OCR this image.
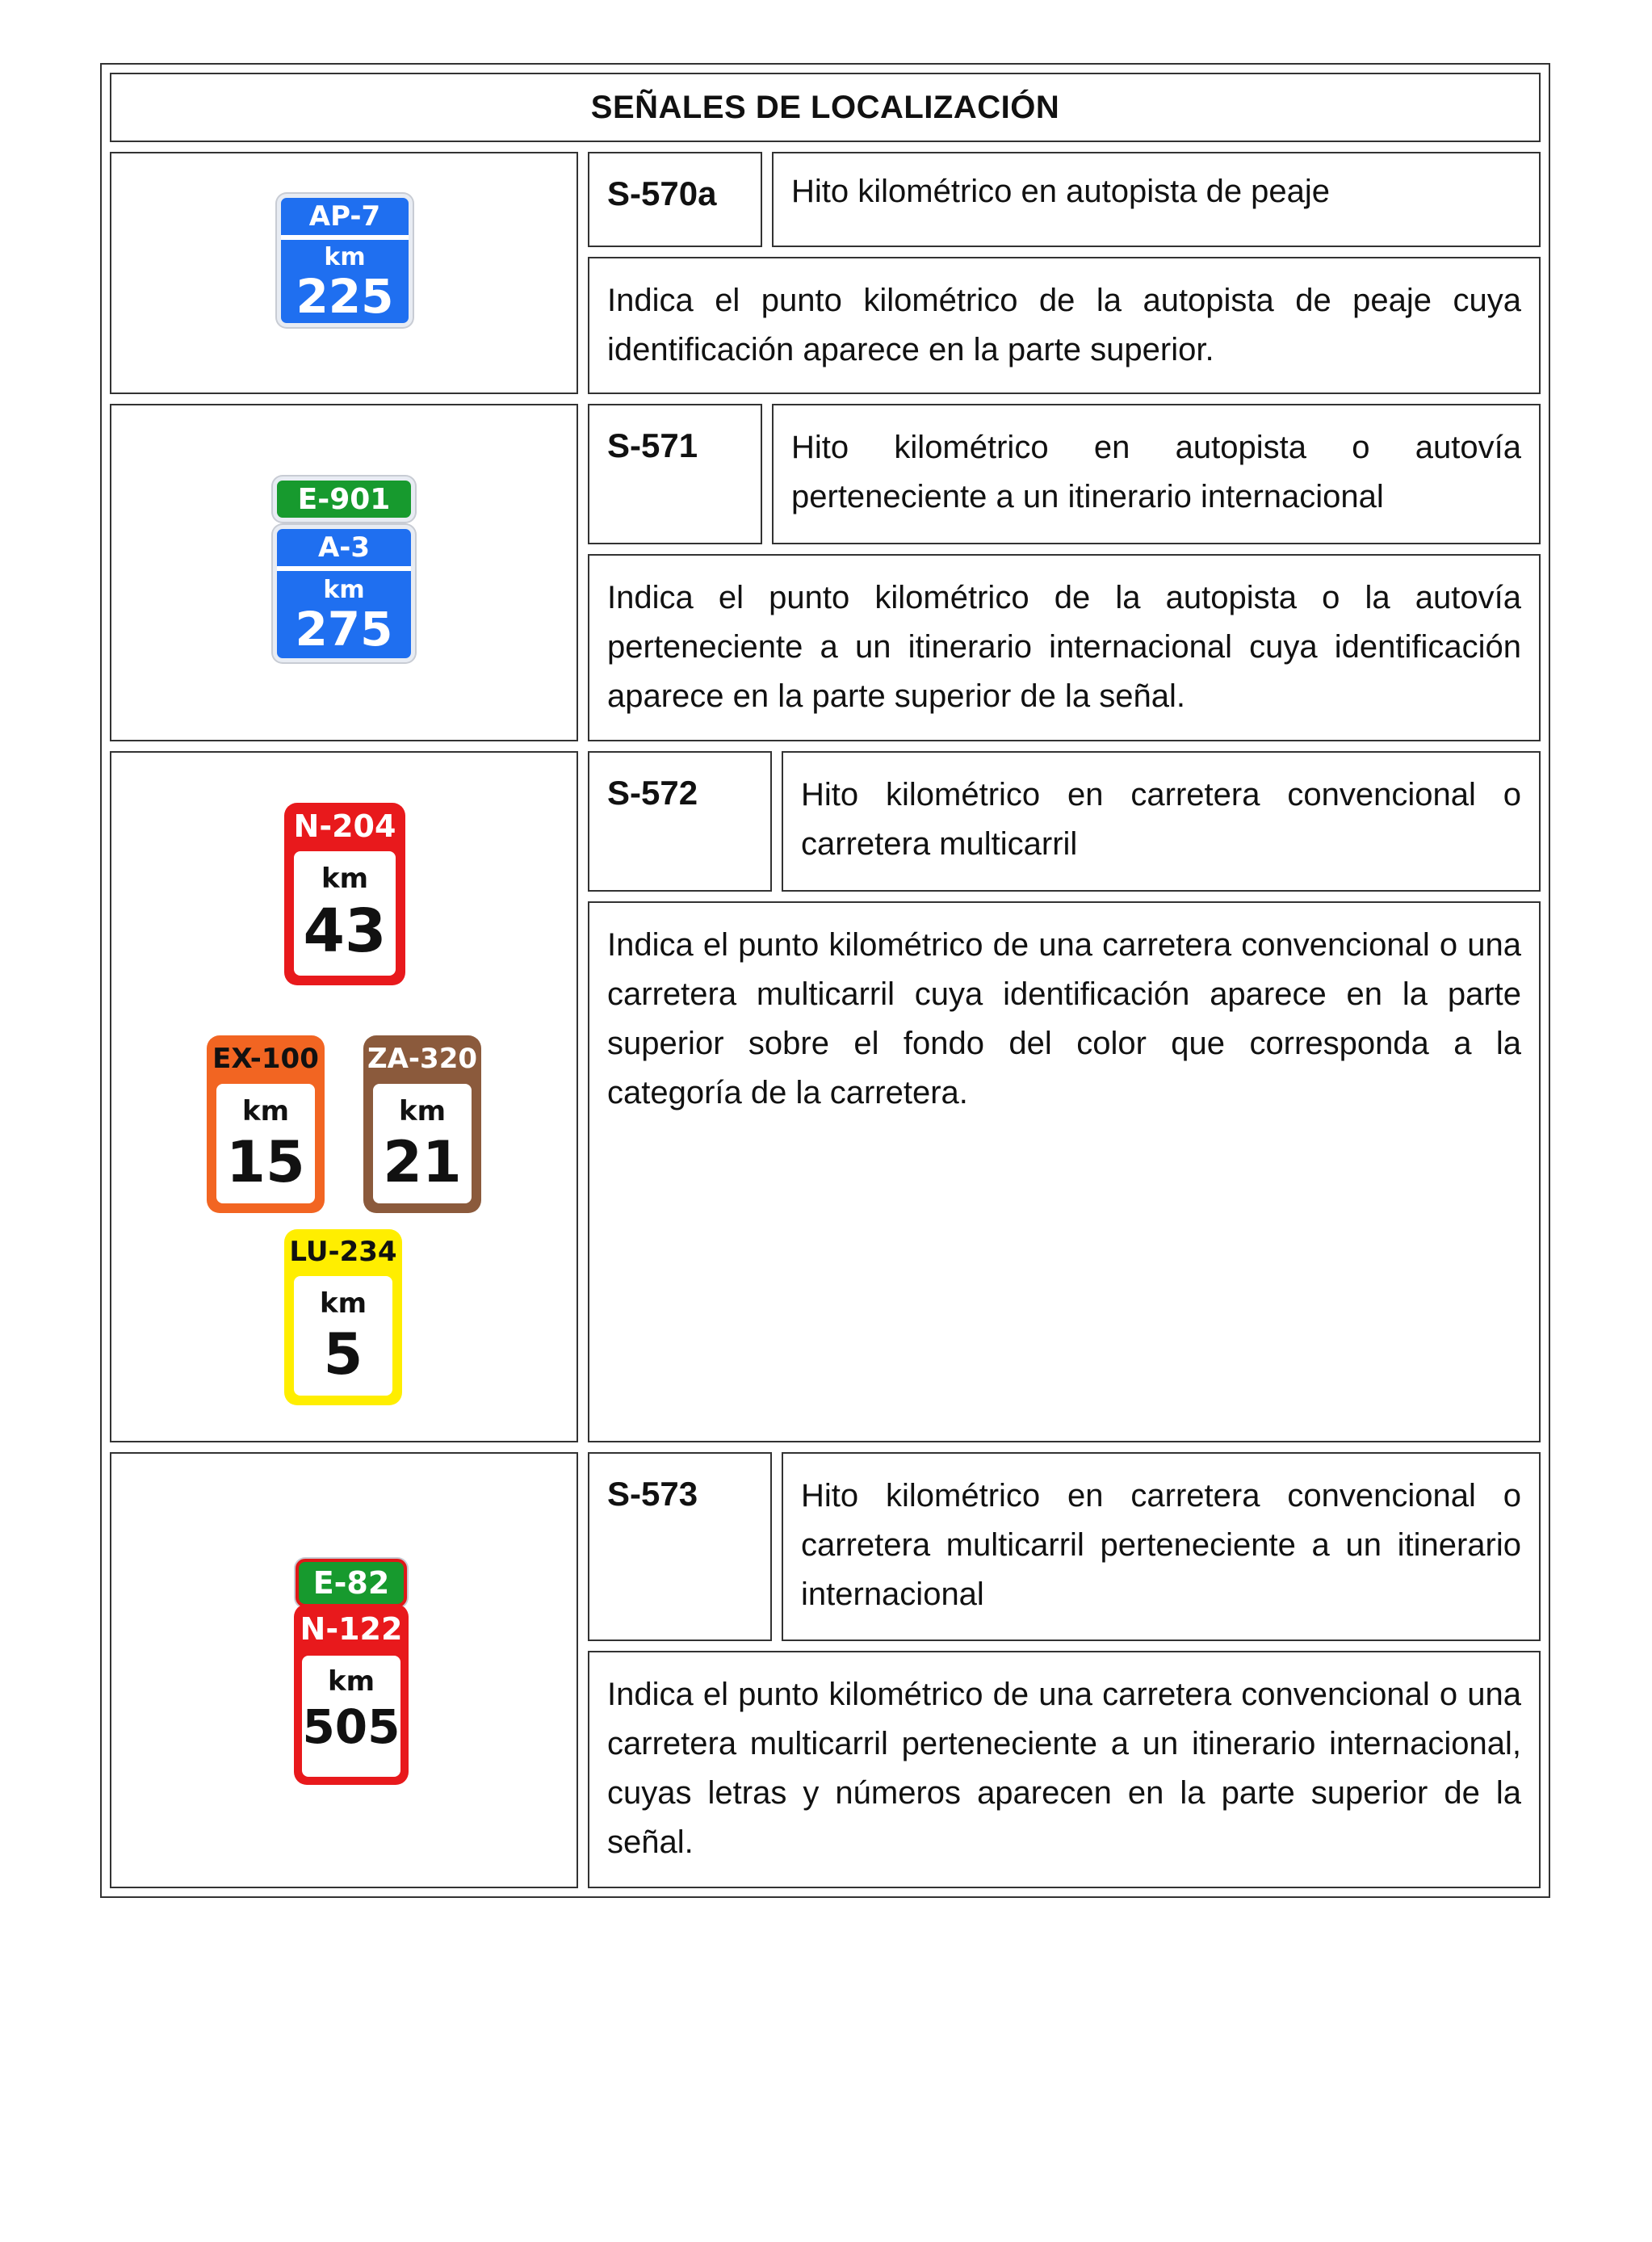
SEÑALES DE LOCALIZACIÓN
AP-7
km
225
S-570a	Hito kilométrico en autopista de peaje
Indica el punto kilométrico de la autopista de peaje cuya identificación aparece en la parte superior.
E-901
A-3
km
275
S-571	Hito kilométrico en autopista o autovía perteneciente a un itinerario internacional
Indica el punto kilométrico de la autopista o la autovía perteneciente a un itinerario internacional cuya identificación aparece en la parte superior de la señal.
N-204
km
43
EX-100
km
15
ZA-320
km
21
LU-234
km
5
S-572	Hito kilométrico en carretera convencional o carretera multicarril
Indica el punto kilométrico de una carretera convencional o una carretera multicarril cuya identificación aparece en la parte superior sobre el fondo del color que corresponda a la categoría de la carretera.
E-82
N-122
km
505
S-573	Hito kilométrico en carretera convencional o carretera multicarril perteneciente a un itinerario internacional
Indica el punto kilométrico de una carretera convencional o una carretera multicarril perteneciente a un itinerario internacional, cuyas letras y números aparecen en la parte superior de la señal.
